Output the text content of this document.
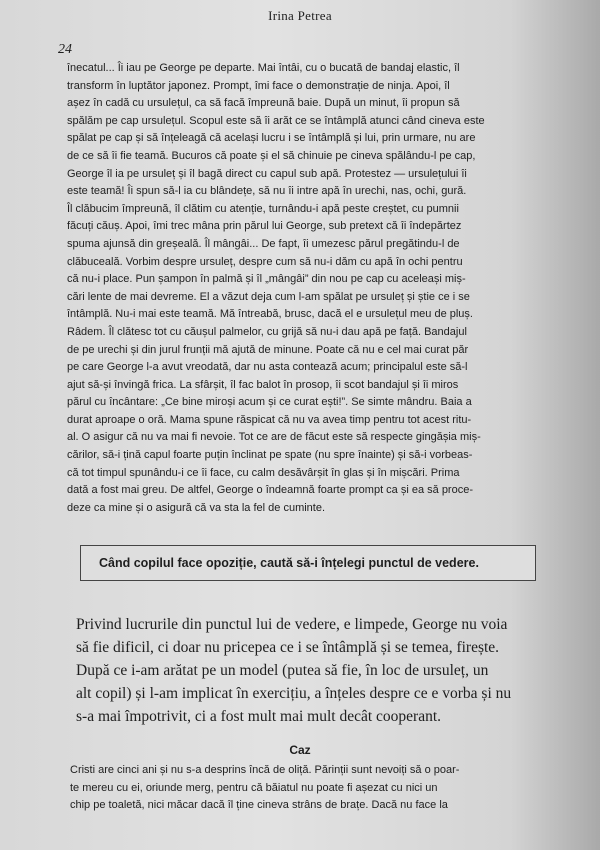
Irina Petrea
24
înecatul... Îi iau pe George pe departe. Mai întâi, cu o bucată de bandaj elastic, îl
transform în luptător japonez. Prompt, îmi face o demonstrație de ninja. Apoi, îl
așez în cadă cu ursulețul, ca să facă împreună baie. După un minut, îi propun să
spălăm pe cap ursulețul. Scopul este să îi arăt ce se întâmplă atunci când cineva este
spălat pe cap și să înțeleagă că același lucru i se întâmplă și lui, prin urmare, nu are
de ce să îi fie teamă. Bucuros că poate și el să chinuie pe cineva spălându-l pe cap,
George îl ia pe ursuleț și îl bagă direct cu capul sub apă. Protestez — ursulețului îi
este teamă! Îi spun să-l ia cu blândețe, să nu îi intre apă în urechi, nas, ochi, gură.
Îl clăbucim împreună, îl clătim cu atenție, turnându-i apă peste creștet, cu pumnii
făcuți căuș. Apoi, îmi trec mâna prin părul lui George, sub pretext că îi îndepărtez
spuma ajunsă din greșeală. Îl mângâi... De fapt, îi umezesc părul pregătindu-l de
clăbuceală. Vorbim despre ursuleț, despre cum să nu-i dăm cu apă în ochi pentru
că nu-i place. Pun șampon în palmă și îl „mângâi” din nou pe cap cu aceleași miș-
cări lente de mai devreme. El a văzut deja cum l-am spălat pe ursuleț și știe ce i se
întâmplă. Nu-i mai este teamă. Mă întreabă, brusc, dacă el e ursulețul meu de pluș.
Râdem. Îl clătesc tot cu căușul palmelor, cu grijă să nu-i dau apă pe față. Bandajul
de pe urechi și din jurul frunții mă ajută de minune. Poate că nu e cel mai curat păr
pe care George l-a avut vreodată, dar nu asta contează acum; principalul este să-l
ajut să-și învingă frica. La sfârșit, îl fac balot în prosop, îi scot bandajul și îi miros
părul cu încântare: „Ce bine miroși acum și ce curat ești!”. Se simte mândru. Baia a
durat aproape o oră. Mama spune răspicat că nu va avea timp pentru tot acest ritu-
al. O asigur că nu va mai fi nevoie. Tot ce are de făcut este să respecte gingășia miș-
cărilor, să-i țină capul foarte puțin înclinat pe spate (nu spre înainte) și să-i vorbeas-
că tot timpul spunându-i ce îi face, cu calm desăvârșit în glas și în mișcări. Prima
dată a fost mai greu. De altfel, George o îndeamnă foarte prompt ca și ea să proce-
deze ca mine și o asigură că va sta la fel de cuminte.
Când copilul face opoziție, caută să-i înțelegi punctul de vedere.
Privind lucrurile din punctul lui de vedere, e limpede, George nu voia
să fie dificil, ci doar nu pricepea ce i se întâmplă și se temea, firește.
După ce i-am arătat pe un model (putea să fie, în loc de ursuleț, un
alt copil) și l-am implicat în exercițiu, a înțeles despre ce e vorba și nu
s-a mai împotrivit, ci a fost mult mai mult decât cooperant.
Caz
Cristi are cinci ani și nu s-a desprins încă de oliță. Părinții sunt nevoiți să o poar-
te mereu cu ei, oriunde merg, pentru că băiatul nu poate fi așezat cu nici un
chip pe toaletă, nici măcar dacă îl ține cineva strâns de brațe. Dacă nu face la
